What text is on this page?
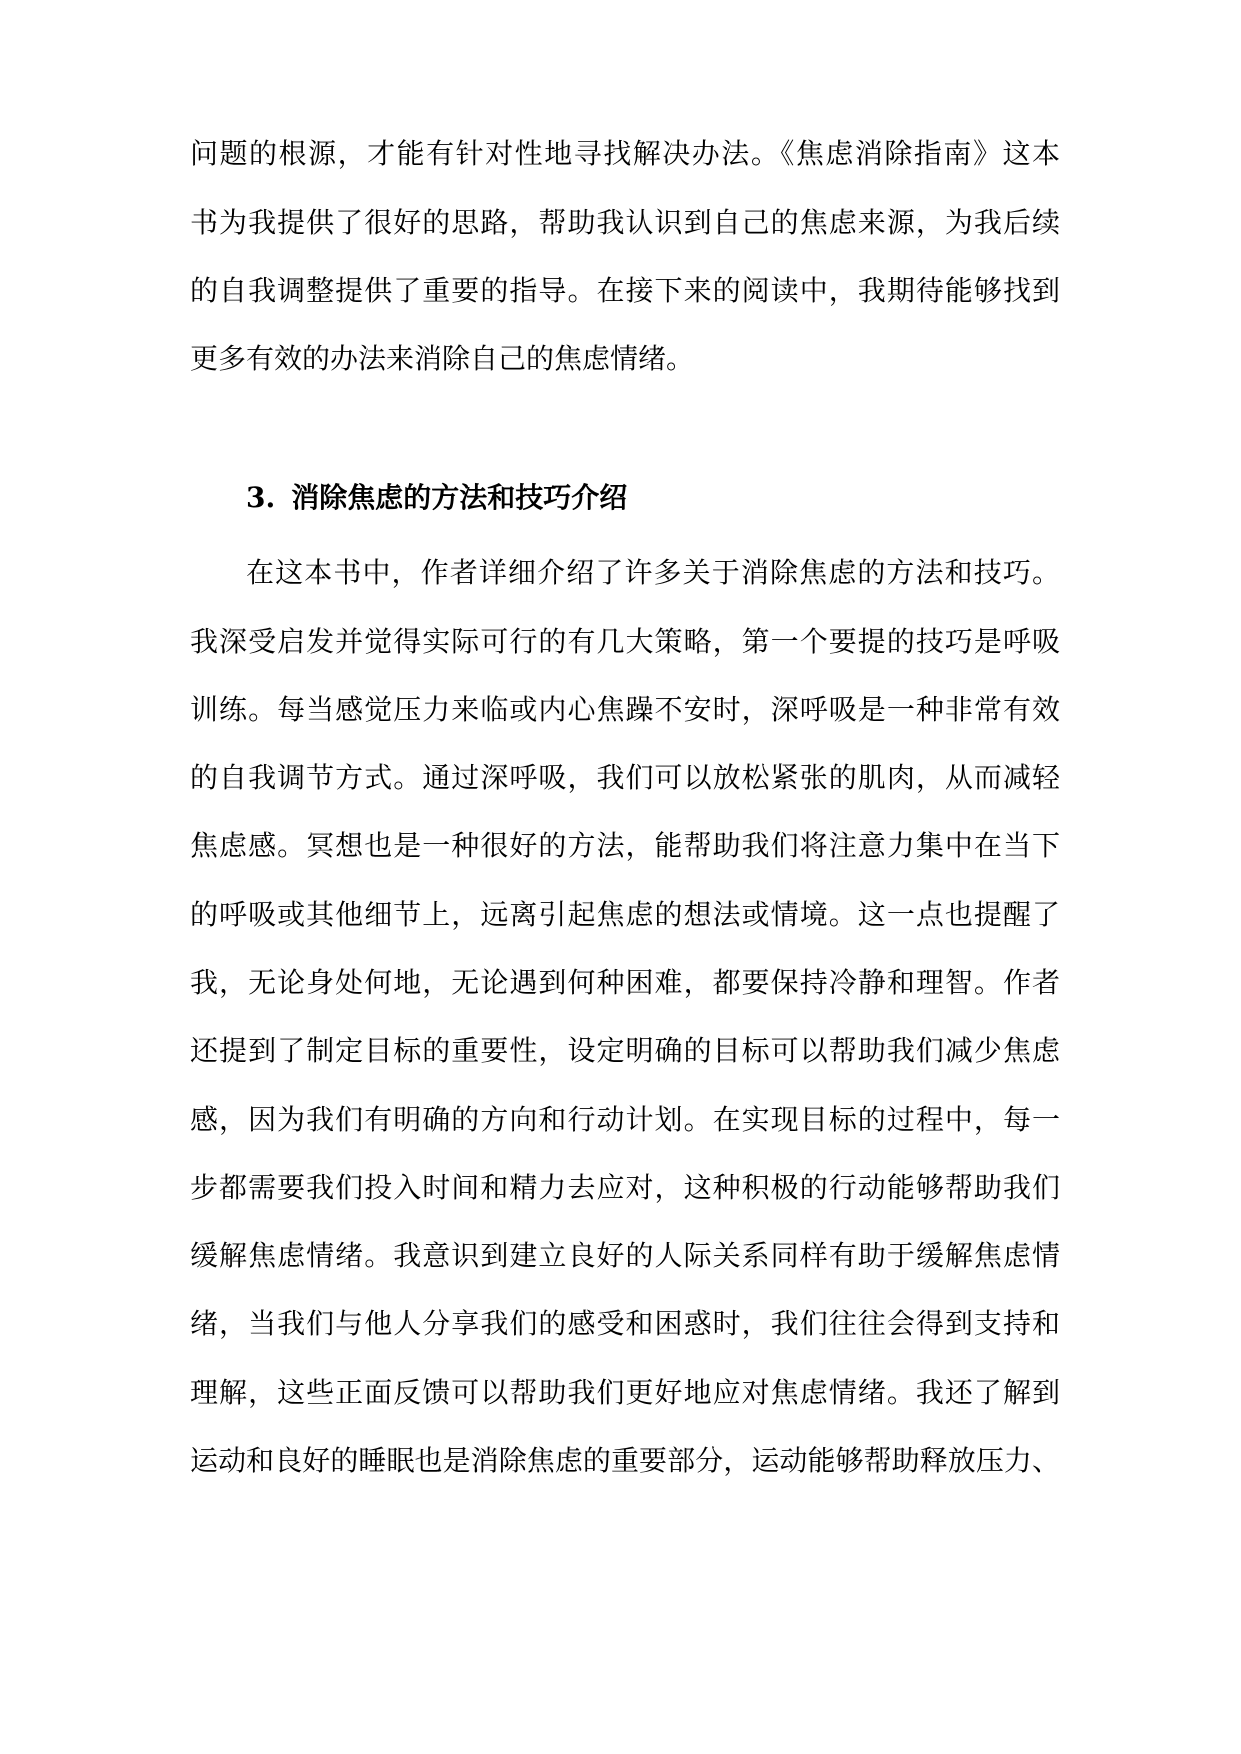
问题的根源，才能有针对性地寻找解决办法。《焦虑消除指南》这本
书为我提供了很好的思路，帮助我认识到自己的焦虑来源，为我后续
的自我调整提供了重要的指导。在接下来的阅读中，我期待能够找到
更多有效的办法来消除自己的焦虑情绪。
3. 消除焦虑的方法和技巧介绍
在这本书中，作者详细介绍了许多关于消除焦虑的方法和技巧。
我深受启发并觉得实际可行的有几大策略，第一个要提的技巧是呼吸
训练。每当感觉压力来临或内心焦躁不安时，深呼吸是一种非常有效
的自我调节方式。通过深呼吸，我们可以放松紧张的肌肉，从而减轻
焦虑感。冥想也是一种很好的方法，能帮助我们将注意力集中在当下
的呼吸或其他细节上，远离引起焦虑的想法或情境。这一点也提醒了
我，无论身处何地，无论遇到何种困难，都要保持冷静和理智。作者
还提到了制定目标的重要性，设定明确的目标可以帮助我们减少焦虑
感，因为我们有明确的方向和行动计划。在实现目标的过程中，每一
步都需要我们投入时间和精力去应对，这种积极的行动能够帮助我们
缓解焦虑情绪。我意识到建立良好的人际关系同样有助于缓解焦虑情
绪，当我们与他人分享我们的感受和困惑时，我们往往会得到支持和
理解，这些正面反馈可以帮助我们更好地应对焦虑情绪。我还了解到
运动和良好的睡眠也是消除焦虑的重要部分，运动能够帮助释放压力、
